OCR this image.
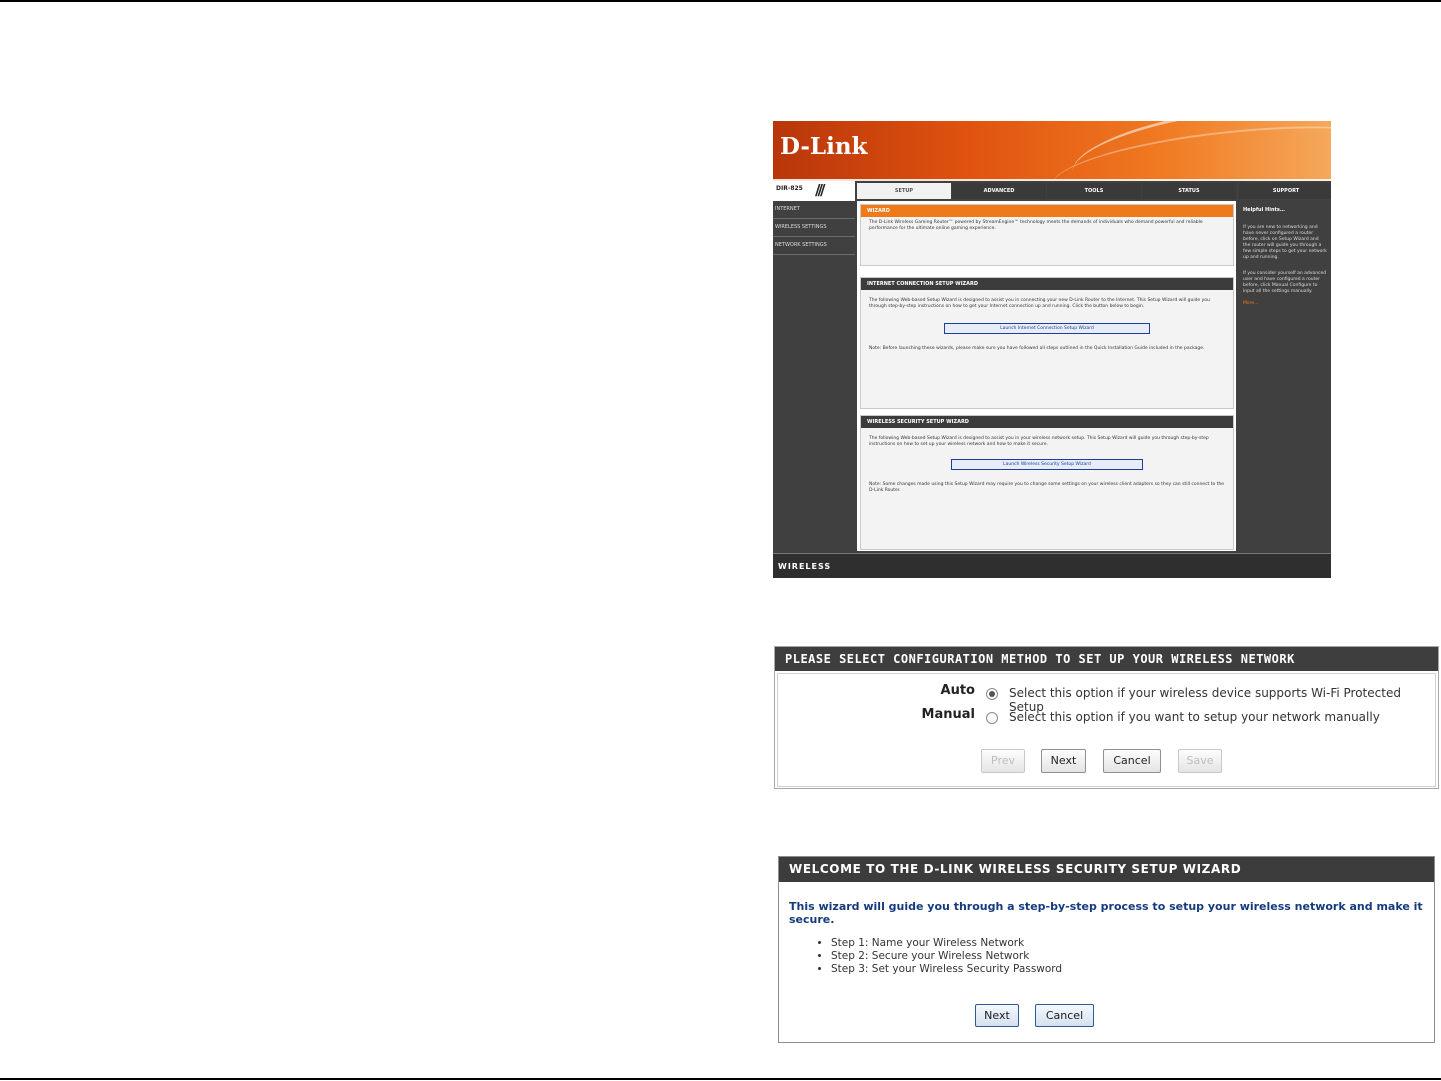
D-Link
DIR-825 ///	SETUP	ADVANCED	TOOLS	STATUS	SUPPORT
INTERNET
WIRELESS SETTINGS
NETWORK SETTINGS
WIZARD
The D-Link Wireless Gaming Router™ powered by StreamEngine™ technology meets the demands of individuals who demand powerful and reliable performance for the ultimate online gaming experience.
INTERNET CONNECTION SETUP WIZARD
The following Web-based Setup Wizard is designed to assist you in connecting your new D-Link Router to the Internet. This Setup Wizard will guide you through step-by-step instructions on how to get your Internet connection up and running. Click the button below to begin.
Launch Internet Connection Setup Wizard
Note: Before launching these wizards, please make sure you have followed all steps outlined in the Quick Installation Guide included in the package.
WIRELESS SECURITY SETUP WIZARD
The following Web-based Setup Wizard is designed to assist you in your wireless network setup. This Setup Wizard will guide you through step-by-step instructions on how to set up your wireless network and how to make it secure.
Launch Wireless Security Setup Wizard
Note: Some changes made using this Setup Wizard may require you to change some settings on your wireless client adapters so they can still connect to the D-Link Router.
Helpful Hints…
If you are new to networking and have never configured a router before, click on Setup Wizard and the router will guide you through a few simple steps to get your network up and running.
If you consider yourself an advanced user and have configured a router before, click Manual Configure to input all the settings manually.
More…
WIRELESS
PLEASE SELECT CONFIGURATION METHOD TO SET UP YOUR WIRELESS NETWORK
Auto	Select this option if your wireless device supports Wi-Fi Protected Setup
Manual	Select this option if you want to setup your network manually
Prev	Next	Cancel	Save
WELCOME TO THE D-LINK WIRELESS SECURITY SETUP WIZARD
This wizard will guide you through a step-by-step process to setup your wireless network and make it secure.
• Step 1: Name your Wireless Network
• Step 2: Secure your Wireless Network
• Step 3: Set your Wireless Security Password
Next	Cancel
